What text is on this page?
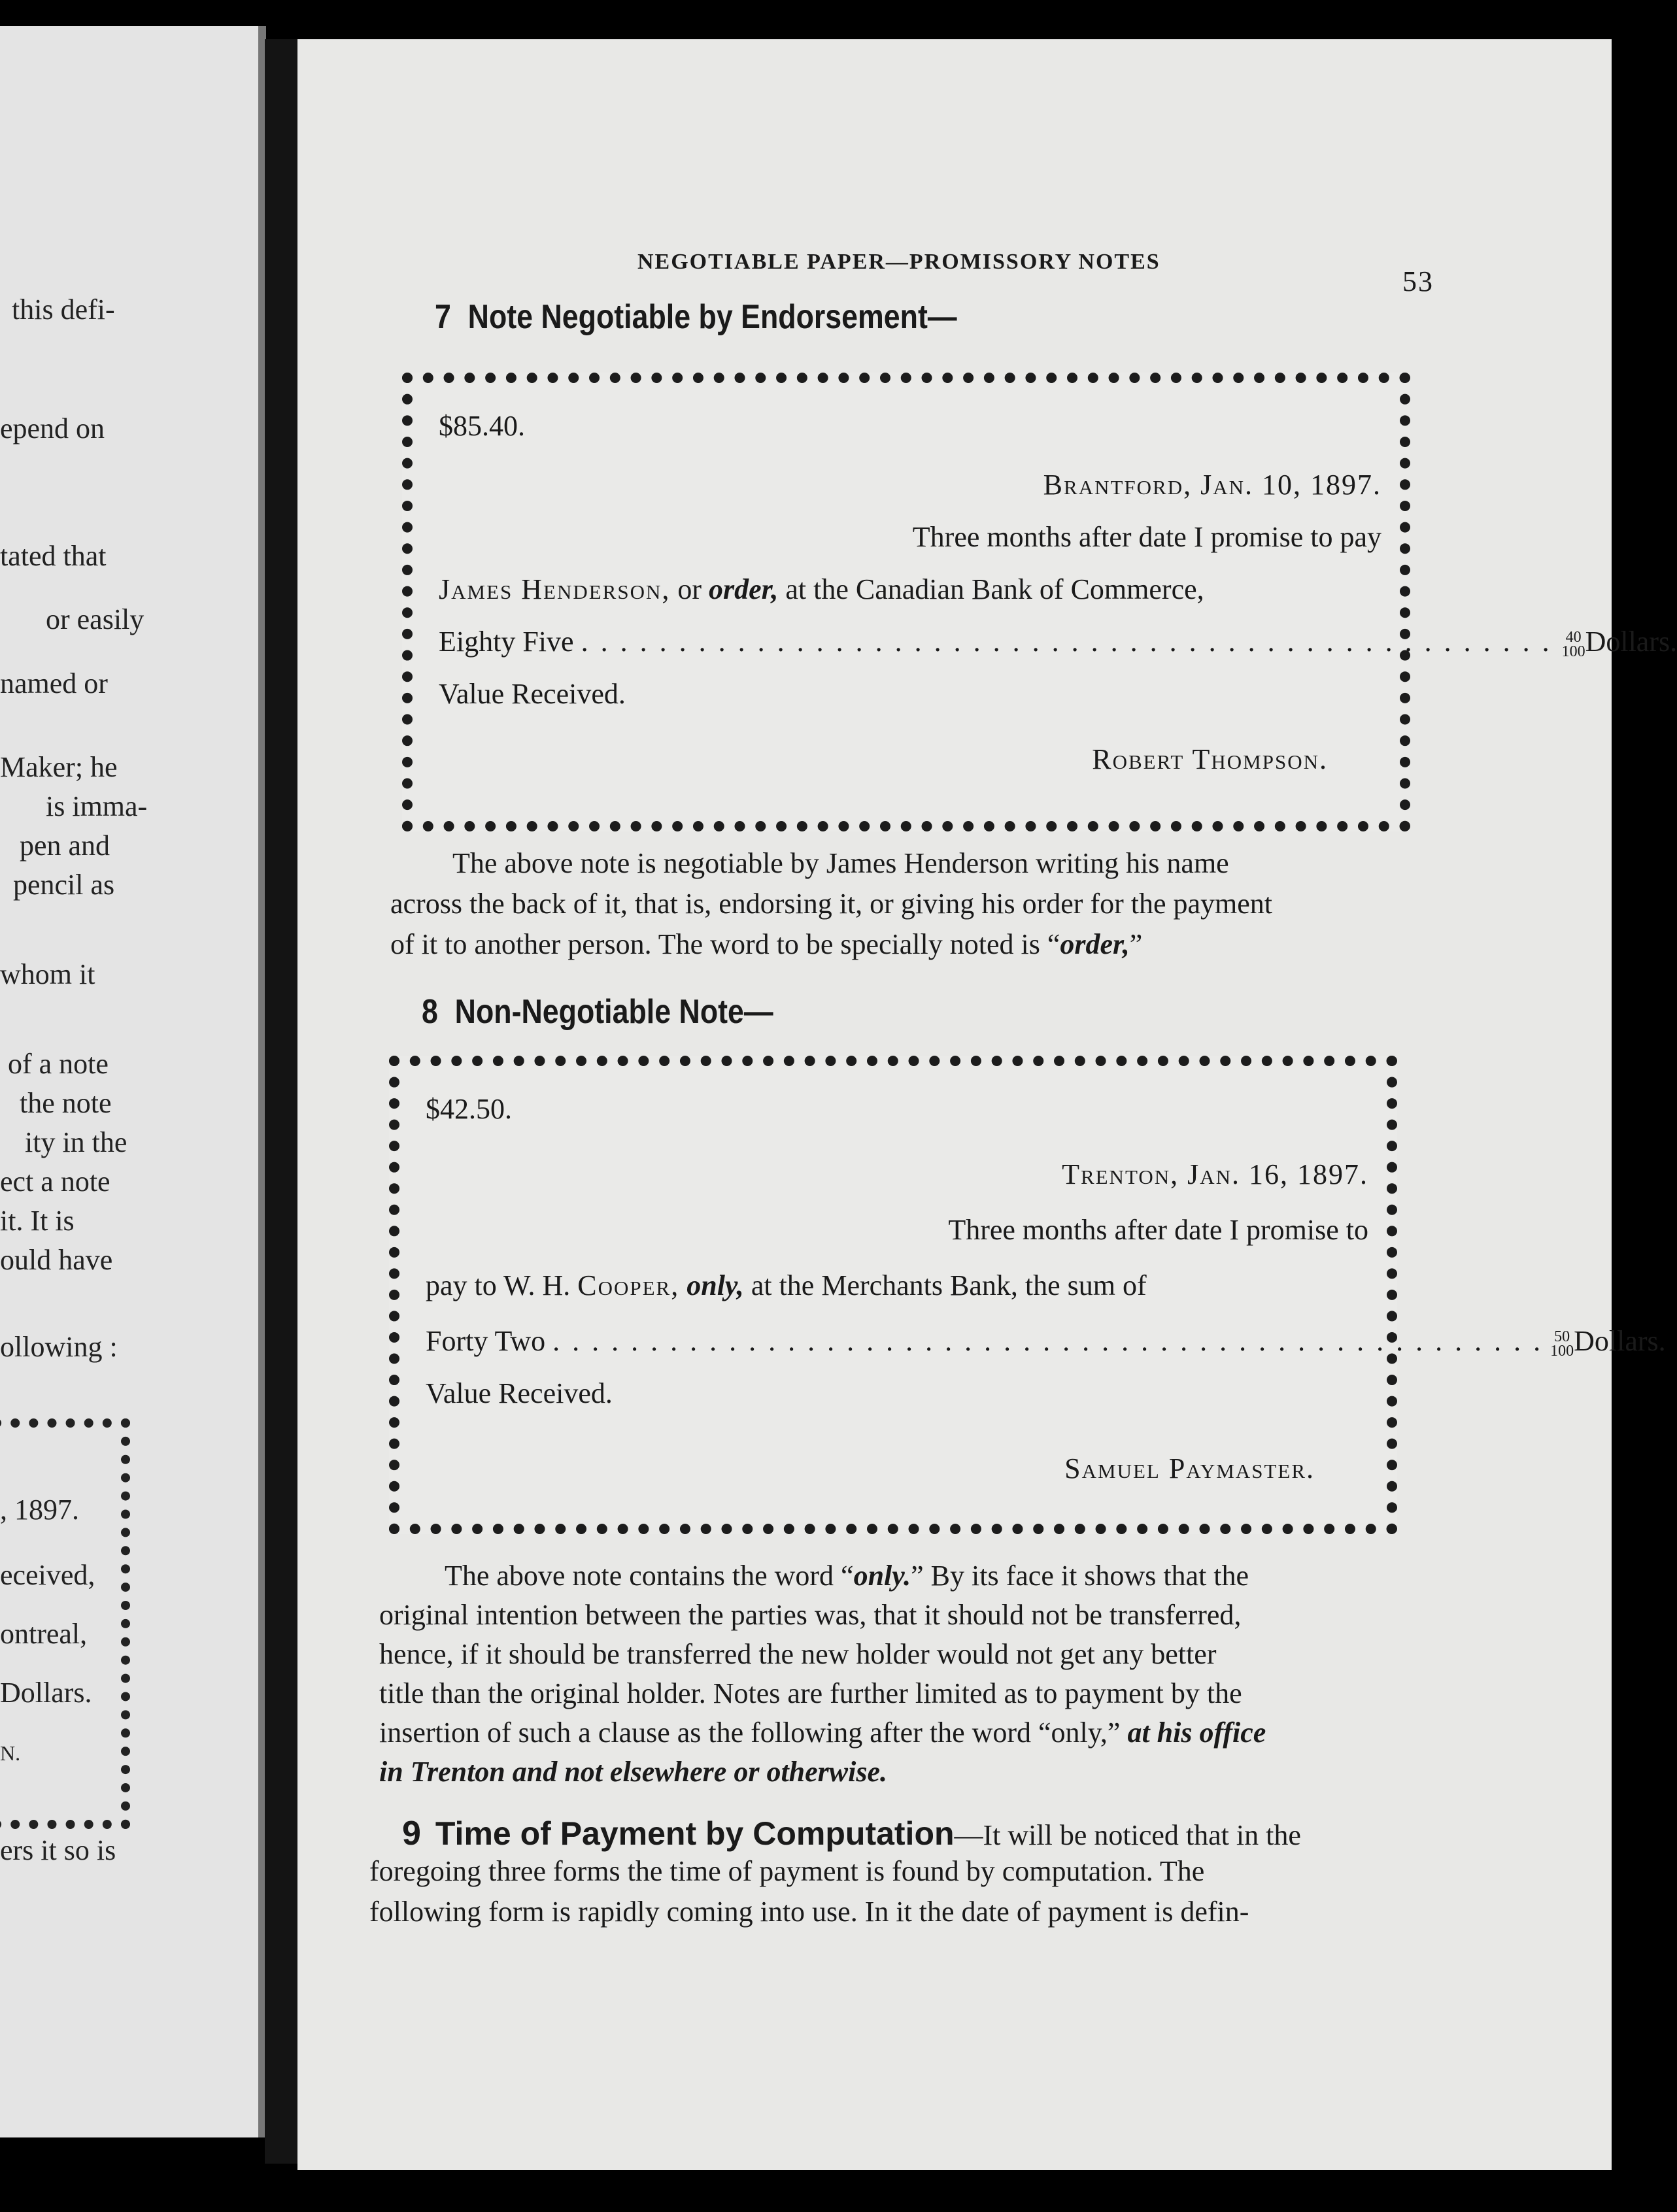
this defi-
epend on
tated that
or easily
named or
Maker; he
is imma-
pen and
pencil as
whom it
of a note
the note
ity in the
ect a note
it. It is
ould have
ollowing :
, 1897.
eceived,
ontreal,
Dollars.
N.
ers it so is
NEGOTIABLE PAPER—PROMISSORY NOTES
53
7 Note Negotiable by Endorsement—
$85.40.
Brantford, Jan. 10, 1897.
Three months after date I promise to pay
James Henderson, or order, at the Canadian Bank of Commerce,
Eighty Five . . . . . . . . . . . . . . . . . . . . . . . . . . . . . . . . . . . . . . . . . . . . . . . . . . 40
100 Dollars.
Value Received.
Robert Thompson.
The above note is negotiable by James Henderson writing his name
across the back of it, that is, endorsing it, or giving his order for the payment
of it to another person. The word to be specially noted is “order,”
8 Non-Negotiable Note—
$42.50.
Trenton, Jan. 16, 1897.
Three months after date I promise to
pay to W. H. Cooper, only, at the Merchants Bank, the sum of
Forty Two . . . . . . . . . . . . . . . . . . . . . . . . . . . . . . . . . . . . . . . . . . . . . . . . . . . 50
100 Dollars.
Value Received.
Samuel Paymaster.
The above note contains the word “only.” By its face it shows that the
original intention between the parties was, that it should not be transferred,
hence, if it should be transferred the new holder would not get any better
title than the original holder. Notes are further limited as to payment by the
insertion of such a clause as the following after the word “only,” at his office
in Trenton and not elsewhere or otherwise.
9 Time of Payment by Computation—It will be noticed that in the
foregoing three forms the time of payment is found by computation. The
following form is rapidly coming into use. In it the date of payment is defin-
